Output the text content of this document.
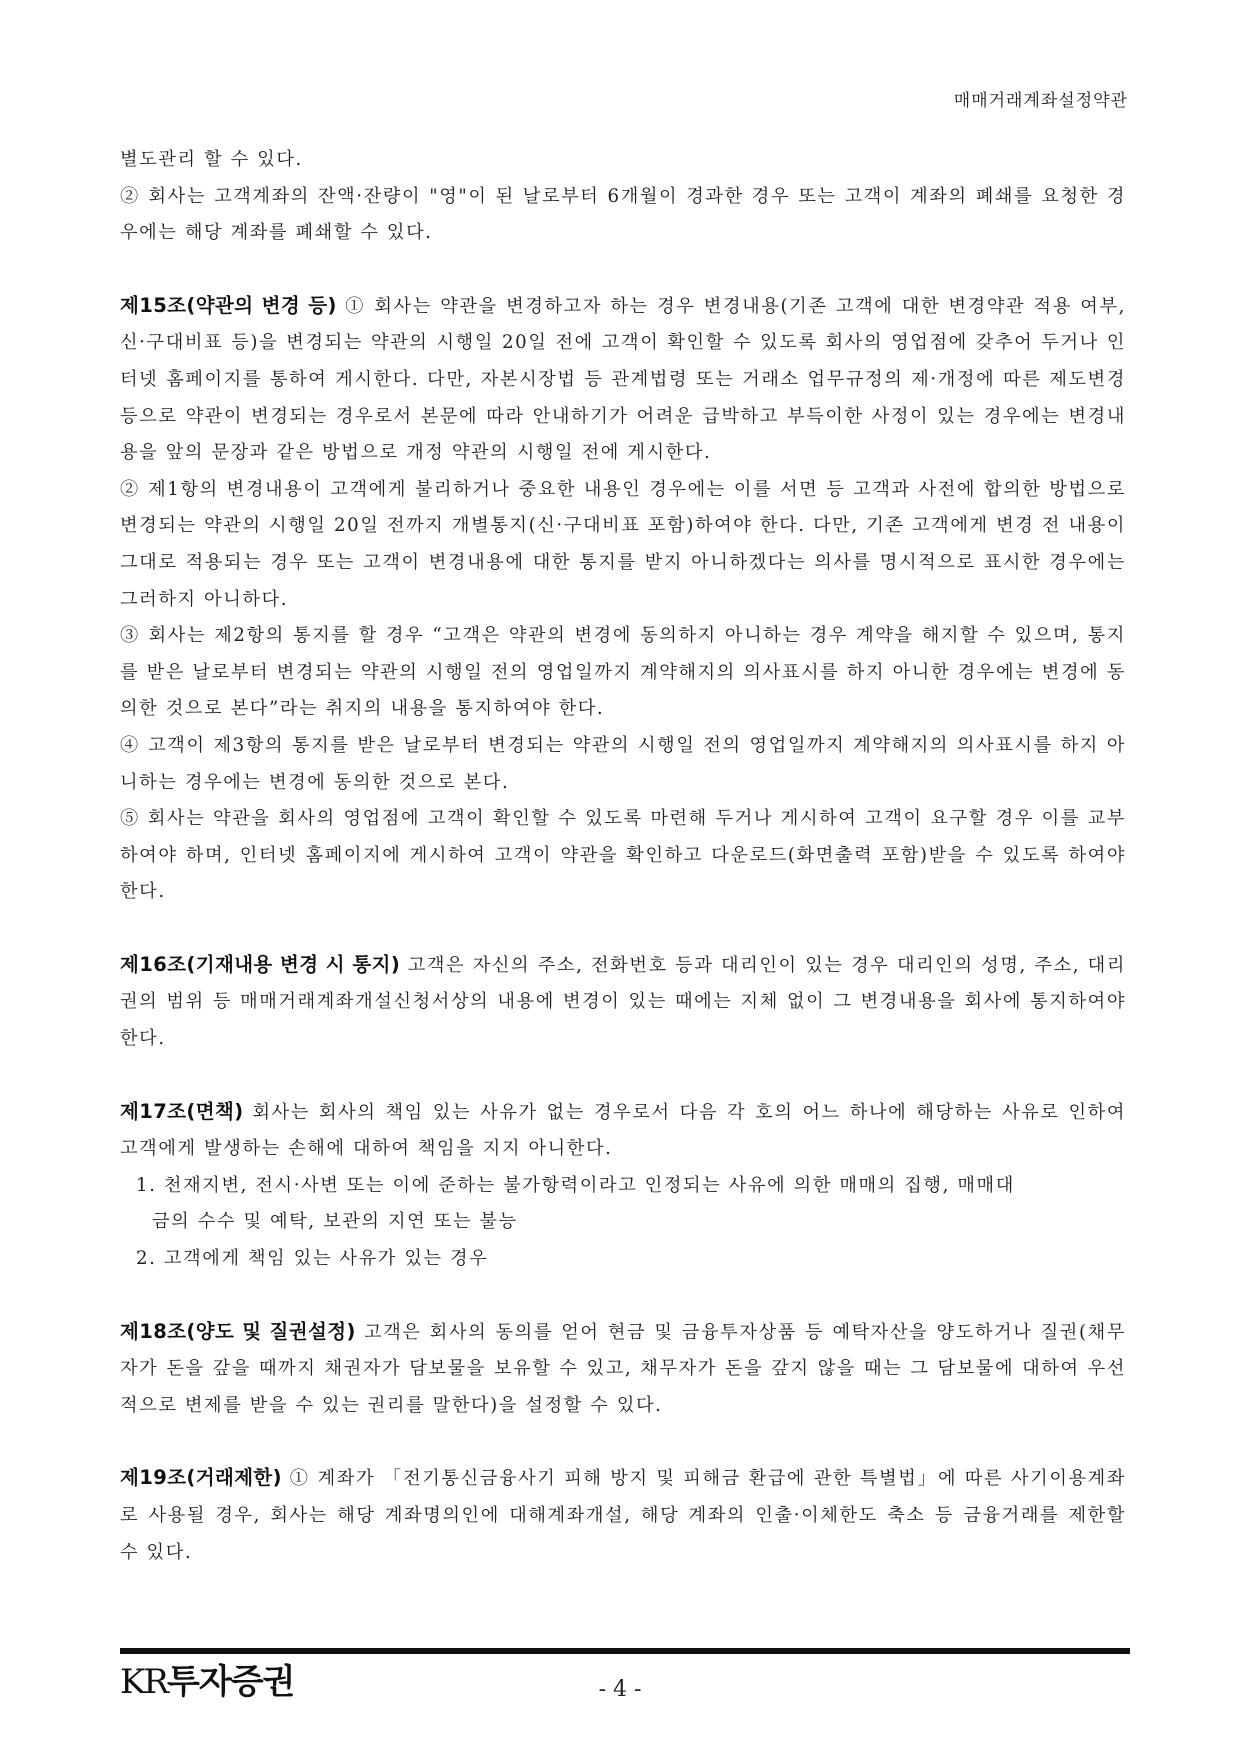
매매거래계좌설정약관

별도관리 할 수 있다.

② 회사는 고객계좌의 잔액·잔량이 "영"이 된 날로부터 6개월이 경과한 경우 또는 고객이 계좌의 폐쇄를 요청한 경우에는 해당 계좌를 폐쇄할 수 있다.

제15조(약관의 변경 등) ① 회사는 약관을 변경하고자 하는 경우 변경내용(기존 고객에 대한 변경약관 적용 여부, 신·구대비표 등)을 변경되는 약관의 시행일 20일 전에 고객이 확인할 수 있도록 회사의 영업점에 갖추어 두거나 인터넷 홈페이지를 통하여 게시한다. 다만, 자본시장법 등 관계법령 또는 거래소 업무규정의 제·개정에 따른 제도변경 등으로 약관이 변경되는 경우로서 본문에 따라 안내하기가 어려운 급박하고 부득이한 사정이 있는 경우에는 변경내용을 앞의 문장과 같은 방법으로 개정 약관의 시행일 전에 게시한다.

② 제1항의 변경내용이 고객에게 불리하거나 중요한 내용인 경우에는 이를 서면 등 고객과 사전에 합의한 방법으로 변경되는 약관의 시행일 20일 전까지 개별통지(신·구대비표 포함)하여야 한다. 다만, 기존 고객에게 변경 전 내용이 그대로 적용되는 경우 또는 고객이 변경내용에 대한 통지를 받지 아니하겠다는 의사를 명시적으로 표시한 경우에는 그러하지 아니하다.

③ 회사는 제2항의 통지를 할 경우 “고객은 약관의 변경에 동의하지 아니하는 경우 계약을 해지할 수 있으며, 통지를 받은 날로부터 변경되는 약관의 시행일 전의 영업일까지 계약해지의 의사표시를 하지 아니한 경우에는 변경에 동의한 것으로 본다”라는 취지의 내용을 통지하여야 한다.

④ 고객이 제3항의 통지를 받은 날로부터 변경되는 약관의 시행일 전의 영업일까지 계약해지의 의사표시를 하지 아니하는 경우에는 변경에 동의한 것으로 본다.

⑤ 회사는 약관을 회사의 영업점에 고객이 확인할 수 있도록 마련해 두거나 게시하여 고객이 요구할 경우 이를 교부하여야 하며, 인터넷 홈페이지에 게시하여 고객이 약관을 확인하고 다운로드(화면출력 포함)받을 수 있도록 하여야 한다.

제16조(기재내용 변경 시 통지) 고객은 자신의 주소, 전화번호 등과 대리인이 있는 경우 대리인의 성명, 주소, 대리권의 범위 등 매매거래계좌개설신청서상의 내용에 변경이 있는 때에는 지체 없이 그 변경내용을 회사에 통지하여야 한다.

제17조(면책) 회사는 회사의 책임 있는 사유가 없는 경우로서 다음 각 호의 어느 하나에 해당하는 사유로 인하여 고객에게 발생하는 손해에 대하여 책임을 지지 아니한다.

1. 천재지변, 전시·사변 또는 이에 준하는 불가항력이라고 인정되는 사유에 의한 매매의 집행, 매매대

금의 수수 및 예탁, 보관의 지연 또는 불능

2. 고객에게 책임 있는 사유가 있는 경우

제18조(양도 및 질권설정) 고객은 회사의 동의를 얻어 현금 및 금융투자상품 등 예탁자산을 양도하거나 질권(채무자가 돈을 갚을 때까지 채권자가 담보물을 보유할 수 있고, 채무자가 돈을 갚지 않을 때는 그 담보물에 대하여 우선적으로 변제를 받을 수 있는 권리를 말한다)을 설정할 수 있다.

제19조(거래제한) ① 계좌가 「전기통신금융사기 피해 방지 및 피해금 환급에 관한 특별법」에 따른 사기이용계좌로 사용될 경우, 회사는 해당 계좌명의인에 대해계좌개설, 해당 계좌의 인출·이체한도 축소 등 금융거래를 제한할 수 있다.

KR투자증권	- 4 -
